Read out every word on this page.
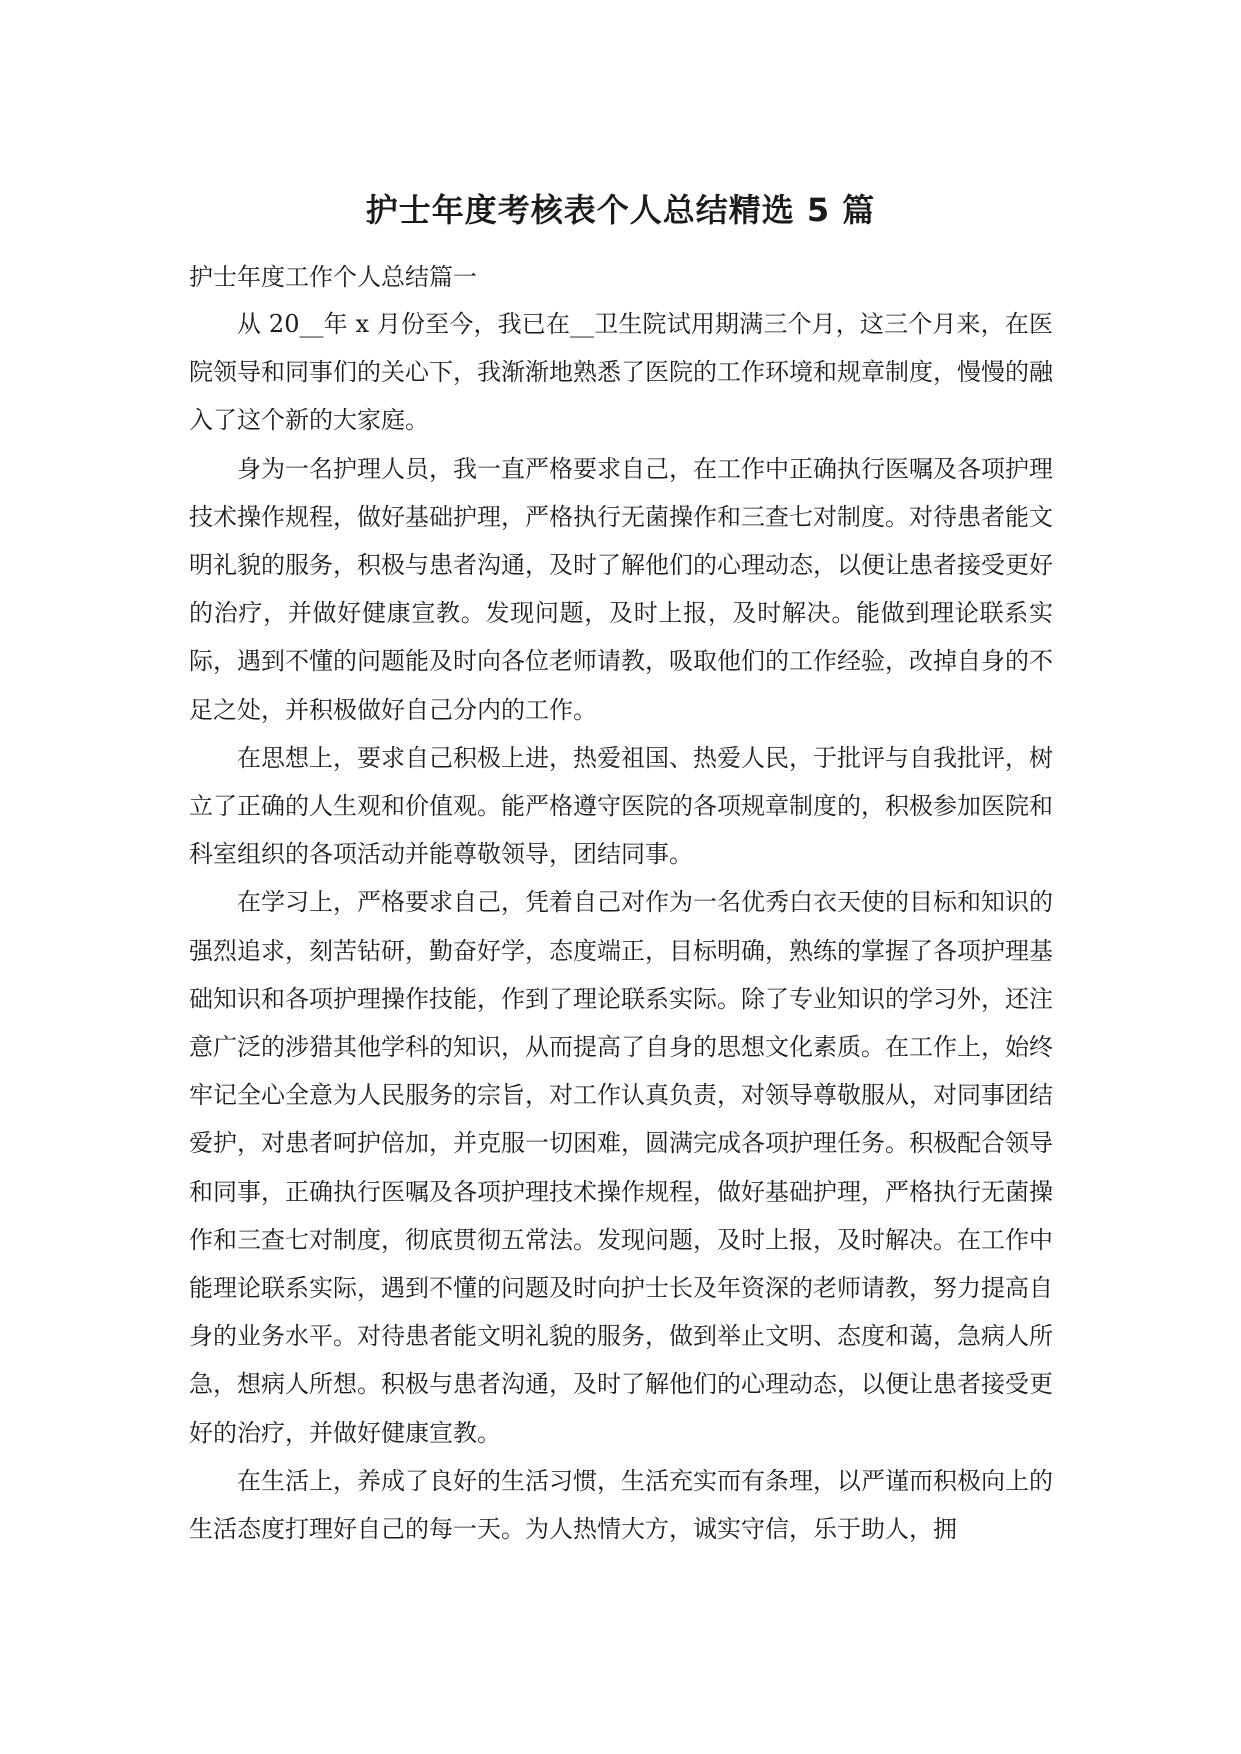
护士年度考核表个人总结精选 5 篇

护士年度工作个人总结篇一

从 20__年 x 月份至今，我已在__卫生院试用期满三个月，这三个月来，在医院领导和同事们的关心下，我渐渐地熟悉了医院的工作环境和规章制度，慢慢的融入了这个新的大家庭。

身为一名护理人员，我一直严格要求自己，在工作中正确执行医嘱及各项护理技术操作规程，做好基础护理，严格执行无菌操作和三查七对制度。对待患者能文明礼貌的服务，积极与患者沟通，及时了解他们的心理动态，以便让患者接受更好的治疗，并做好健康宣教。发现问题，及时上报，及时解决。能做到理论联系实际，遇到不懂的问题能及时向各位老师请教，吸取他们的工作经验，改掉自身的不足之处，并积极做好自己分内的工作。

在思想上，要求自己积极上进，热爱祖国、热爱人民，于批评与自我批评，树立了正确的人生观和价值观。能严格遵守医院的各项规章制度的，积极参加医院和科室组织的各项活动并能尊敬领导，团结同事。

在学习上，严格要求自己，凭着自己对作为一名优秀白衣天使的目标和知识的强烈追求，刻苦钻研，勤奋好学，态度端正，目标明确，熟练的掌握了各项护理基础知识和各项护理操作技能，作到了理论联系实际。除了专业知识的学习外，还注意广泛的涉猎其他学科的知识，从而提高了自身的思想文化素质。在工作上，始终牢记全心全意为人民服务的宗旨，对工作认真负责，对领导尊敬服从，对同事团结爱护，对患者呵护倍加，并克服一切困难，圆满完成各项护理任务。积极配合领导和同事，正确执行医嘱及各项护理技术操作规程，做好基础护理，严格执行无菌操作和三查七对制度，彻底贯彻五常法。发现问题，及时上报，及时解决。在工作中能理论联系实际，遇到不懂的问题及时向护士长及年资深的老师请教，努力提高自身的业务水平。对待患者能文明礼貌的服务，做到举止文明、态度和蔼，急病人所急，想病人所想。积极与患者沟通，及时了解他们的心理动态，以便让患者接受更好的治疗，并做好健康宣教。

在生活上，养成了良好的生活习惯，生活充实而有条理，以严谨而积极向上的生活态度打理好自己的每一天。为人热情大方，诚实守信，乐于助人，拥
